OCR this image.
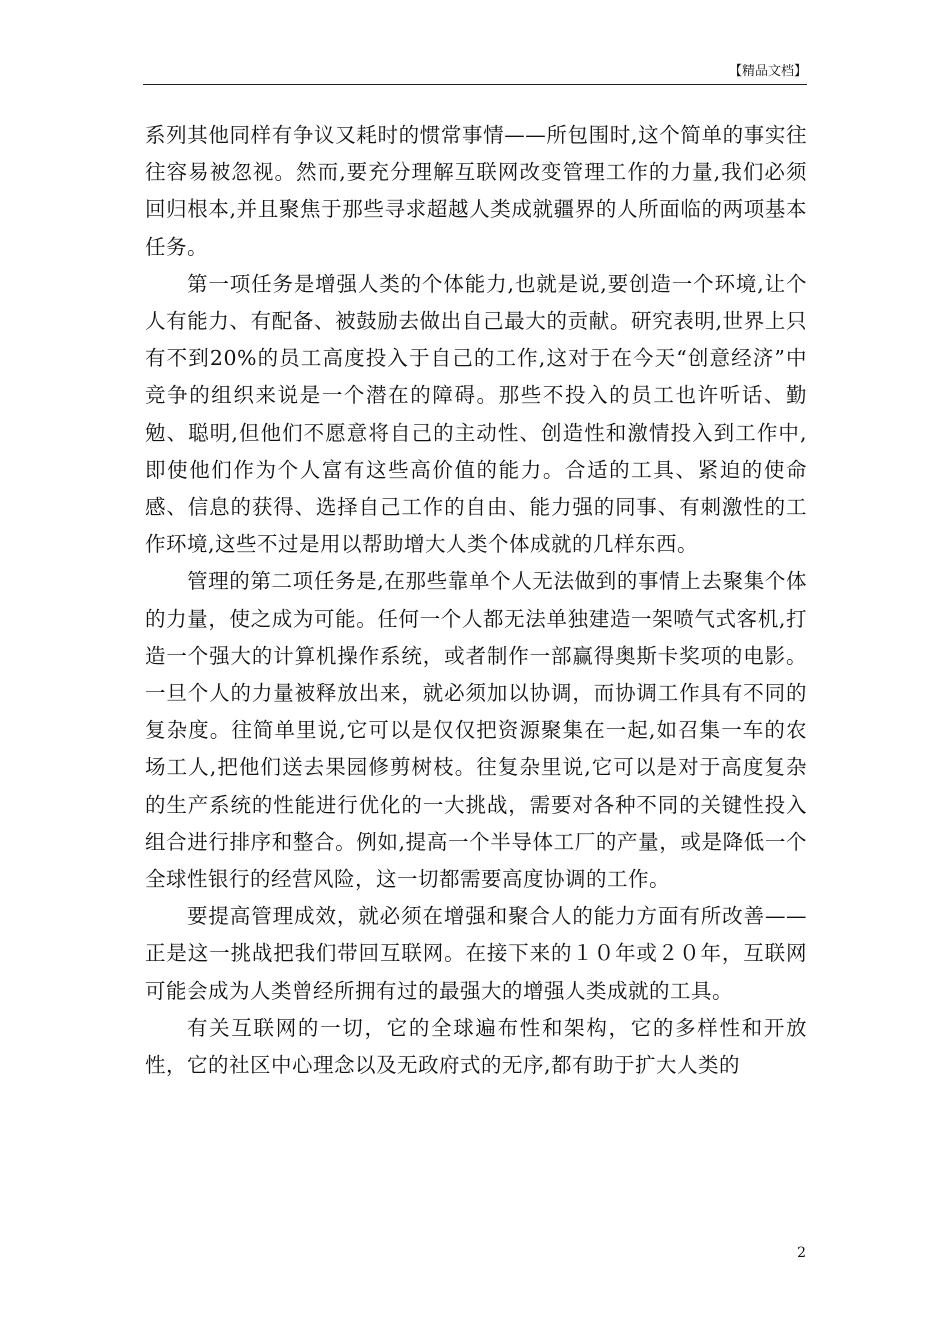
【精品文档】

系列其他同样有争议又耗时的惯常事情——所包围时,这个简单的事实往往容易被忽视。然而,要充分理解互联网改变管理工作的力量,我们必须回归根本,并且聚焦于那些寻求超越人类成就疆界的人所面临的两项基本任务。

第一项任务是增强人类的个体能力,也就是说,要创造一个环境,让个人有能力、有配备、被鼓励去做出自己最大的贡献。研究表明,世界上只有不到20%的员工高度投入于自己的工作,这对于在今天“创意经济”中竞争的组织来说是一个潜在的障碍。那些不投入的员工也许听话、勤勉、聪明,但他们不愿意将自己的主动性、创造性和激情投入到工作中,即使他们作为个人富有这些高价值的能力。合适的工具、紧迫的使命感、信息的获得、选择自己工作的自由、能力强的同事、有刺激性的工作环境,这些不过是用以帮助增大人类个体成就的几样东西。

管理的第二项任务是,在那些靠单个人无法做到的事情上去聚集个体的力量，使之成为可能。任何一个人都无法单独建造一架喷气式客机,打造一个强大的计算机操作系统，或者制作一部赢得奥斯卡奖项的电影。一旦个人的力量被释放出来，就必须加以协调，而协调工作具有不同的复杂度。往简单里说,它可以是仅仅把资源聚集在一起,如召集一车的农场工人,把他们送去果园修剪树枝。往复杂里说,它可以是对于高度复杂的生产系统的性能进行优化的一大挑战，需要对各种不同的关键性投入组合进行排序和整合。例如,提高一个半导体工厂的产量，或是降低一个全球性银行的经营风险，这一切都需要高度协调的工作。

要提高管理成效，就必须在增强和聚合人的能力方面有所改善——正是这一挑战把我们带回互联网。在接下来的１０年或２０年，互联网可能会成为人类曾经所拥有过的最强大的增强人类成就的工具。

有关互联网的一切，它的全球遍布性和架构，它的多样性和开放性，它的社区中心理念以及无政府式的无序,都有助于扩大人类的

2
